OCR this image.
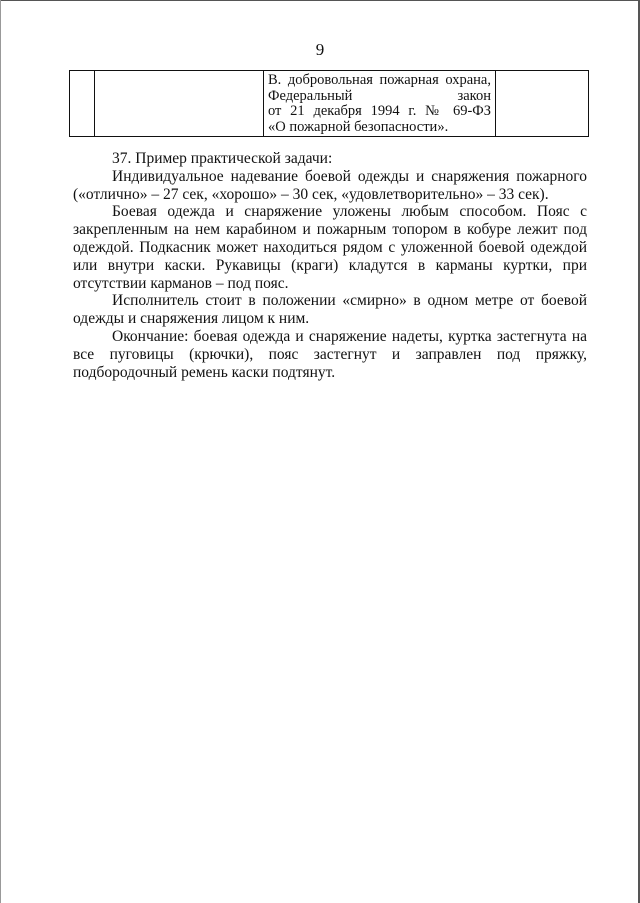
9

В. добровольная пожарная охрана,
Федеральный закон
от 21 декабря 1994 г. № 69-ФЗ
«О пожарной безопасности».

37. Пример практической задачи:

Индивидуальное надевание боевой одежды и снаряжения пожарного («отлично» – 27 сек, «хорошо» – 30 сек, «удовлетворительно» – 33 сек).

Боевая одежда и снаряжение уложены любым способом. Пояс с закрепленным на нем карабином и пожарным топором в кобуре лежит под одеждой. Подкасник может находиться рядом с уложенной боевой одеждой или внутри каски. Рукавицы (краги) кладутся в карманы куртки, при отсутствии карманов – под пояс.

Исполнитель стоит в положении «смирно» в одном метре от боевой одежды и снаряжения лицом к ним.

Окончание: боевая одежда и снаряжение надеты, куртка застегнута на все пуговицы (крючки), пояс застегнут и заправлен под пряжку, подбородочный ремень каски подтянут.
